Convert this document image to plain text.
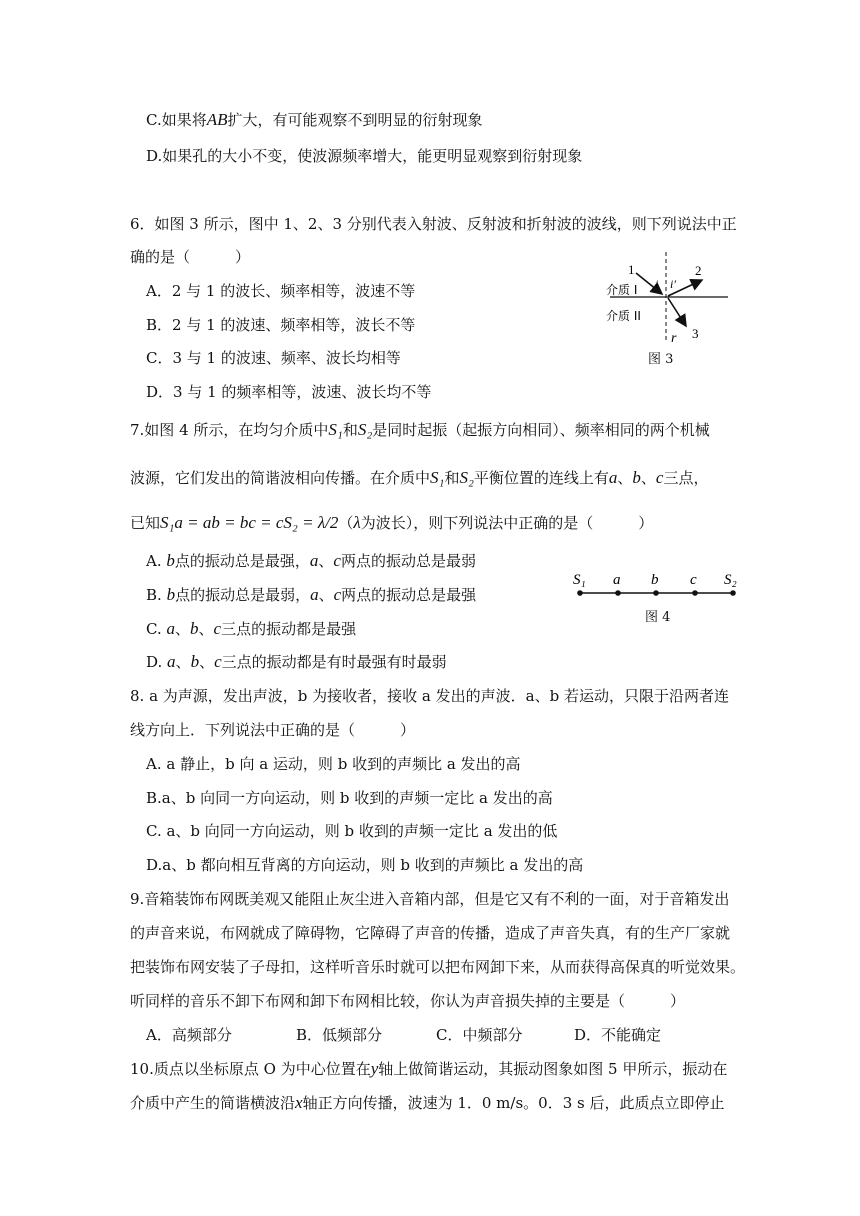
C.如果将AB扩大，有可能观察不到明显的衍射现象
D.如果孔的大小不变，使波源频率增大，能更明显观察到衍射现象
6．如图 3 所示，图中 1、2、3 分别代表入射波、反射波和折射波的波线，则下列说法中正
确的是（　　　）
A．2 与 1 的波长、频率相等，波速不等
B．2 与 1 的波速、频率相等，波长不等
C．3 与 1 的波速、频率、波长均相等
D．3 与 1 的频率相等，波速、波长均不等
1	2
3
i i′
r
介质 I
介质 II
图 3
7.如图 4 所示，在均匀介质中S₁和S₂是同时起振（起振方向相同）、频率相同的两个机械
波源，它们发出的简谐波相向传播。在介质中S₁和S₂平衡位置的连线上有a、b、c三点，
已知S₁a = ab = bc = cS₂ = λ/2（λ为波长），则下列说法中正确的是（　　　）
A. b点的振动总是最强，a、c两点的振动总是最弱
B. b点的振动总是最弱，a、c两点的振动总是最强
C. a、b、c三点的振动都是最强
D. a、b、c三点的振动都是有时最强有时最弱
S₁ a b c S₂
图 4
8. a 为声源，发出声波，b 为接收者，接收 a 发出的声波．a、b 若运动，只限于沿两者连
线方向上．下列说法中正确的是（　　　）
A. a 静止，b 向 a 运动，则 b 收到的声频比 a 发出的高
B.a、b 向同一方向运动，则 b 收到的声频一定比 a 发出的高
C. a、b 向同一方向运动，则 b 收到的声频一定比 a 发出的低
D.a、b 都向相互背离的方向运动，则 b 收到的声频比 a 发出的高
9.音箱装饰布网既美观又能阻止灰尘进入音箱内部，但是它又有不利的一面，对于音箱发出
的声音来说，布网就成了障碍物，它障碍了声音的传播，造成了声音失真，有的生产厂家就
把装饰布网安装了子母扣，这样听音乐时就可以把布网卸下来，从而获得高保真的听觉效果。
听同样的音乐不卸下布网和卸下布网相比较，你认为声音损失掉的主要是（　　　）
A．高频部分	B．低频部分	C．中频部分	D．不能确定
10.质点以坐标原点 O 为中心位置在y轴上做简谐运动，其振动图象如图 5 甲所示，振动在
介质中产生的简谐横波沿x轴正方向传播，波速为 1．0 m/s。0．3 s 后，此质点立即停止
